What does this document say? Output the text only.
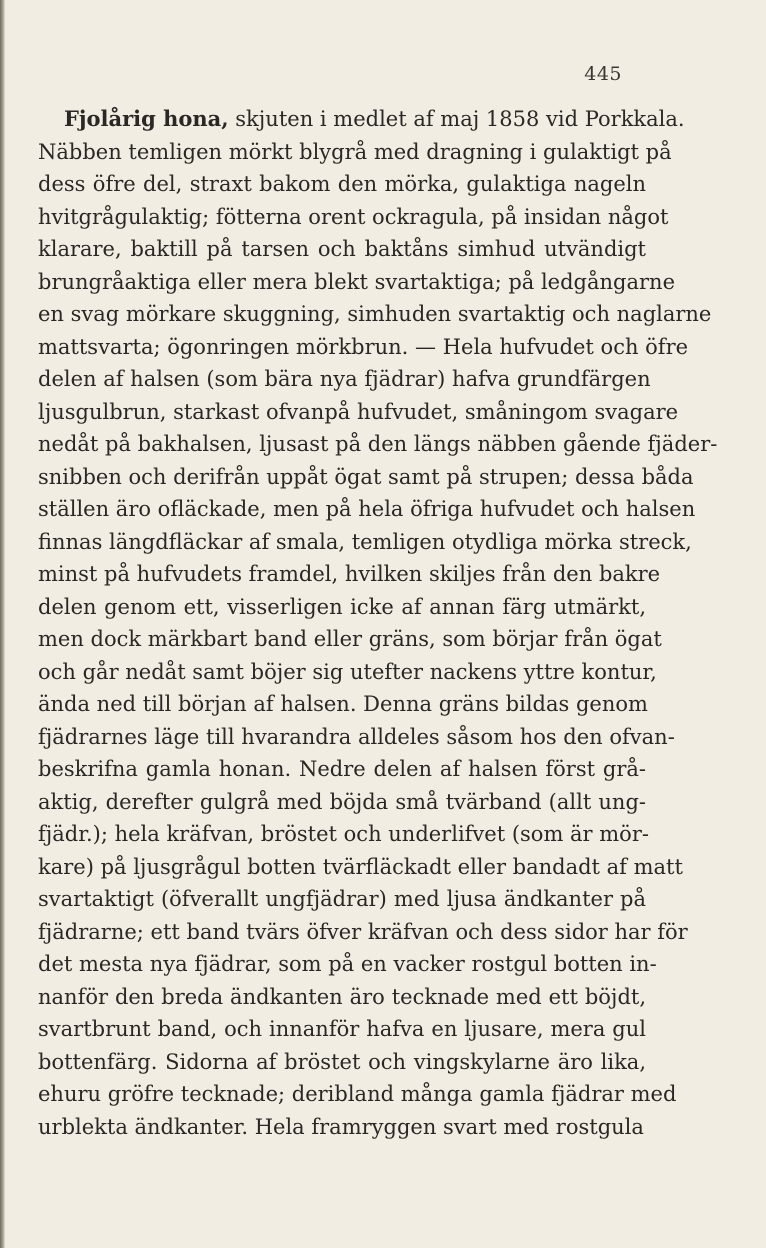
445
Fjolårig hona, skjuten i medlet af maj 1858 vid Porkkala.
Näbben temligen mörkt blygrå med dragning i gulaktigt på
dess öfre del, straxt bakom den mörka, gulaktiga nageln
hvitgrågulaktig; fötterna orent ockragula, på insidan något
klarare, baktill på tarsen och baktåns simhud utvändigt
brungråaktiga eller mera blekt svartaktiga; på ledgångarne
en svag mörkare skuggning, simhuden svartaktig och naglarne
mattsvarta; ögonringen mörkbrun. — Hela hufvudet och öfre
delen af halsen (som bära nya fjädrar) hafva grundfärgen
ljusgulbrun, starkast ofvanpå hufvudet, småningom svagare
nedåt på bakhalsen, ljusast på den längs näbben gående fjäder-
snibben och derifrån uppåt ögat samt på strupen; dessa båda
ställen äro ofläckade, men på hela öfriga hufvudet och halsen
finnas längdfläckar af smala, temligen otydliga mörka streck,
minst på hufvudets framdel, hvilken skiljes från den bakre
delen genom ett, visserligen icke af annan färg utmärkt,
men dock märkbart band eller gräns, som börjar från ögat
och går nedåt samt böjer sig utefter nackens yttre kontur,
ända ned till början af halsen. Denna gräns bildas genom
fjädrarnes läge till hvarandra alldeles såsom hos den ofvan-
beskrifna gamla honan. Nedre delen af halsen först grå-
aktig, derefter gulgrå med böjda små tvärband (allt ung-
fjädr.); hela kräfvan, bröstet och underlifvet (som är mör-
kare) på ljusgrågul botten tvärfläckadt eller bandadt af matt
svartaktigt (öfverallt ungfjädrar) med ljusa ändkanter på
fjädrarne; ett band tvärs öfver kräfvan och dess sidor har för
det mesta nya fjädrar, som på en vacker rostgul botten in-
nanför den breda ändkanten äro tecknade med ett böjdt,
svartbrunt band, och innanför hafva en ljusare, mera gul
bottenfärg. Sidorna af bröstet och vingskylarne äro lika,
ehuru gröfre tecknade; deribland många gamla fjädrar med
urblekta ändkanter. Hela framryggen svart med rostgula
